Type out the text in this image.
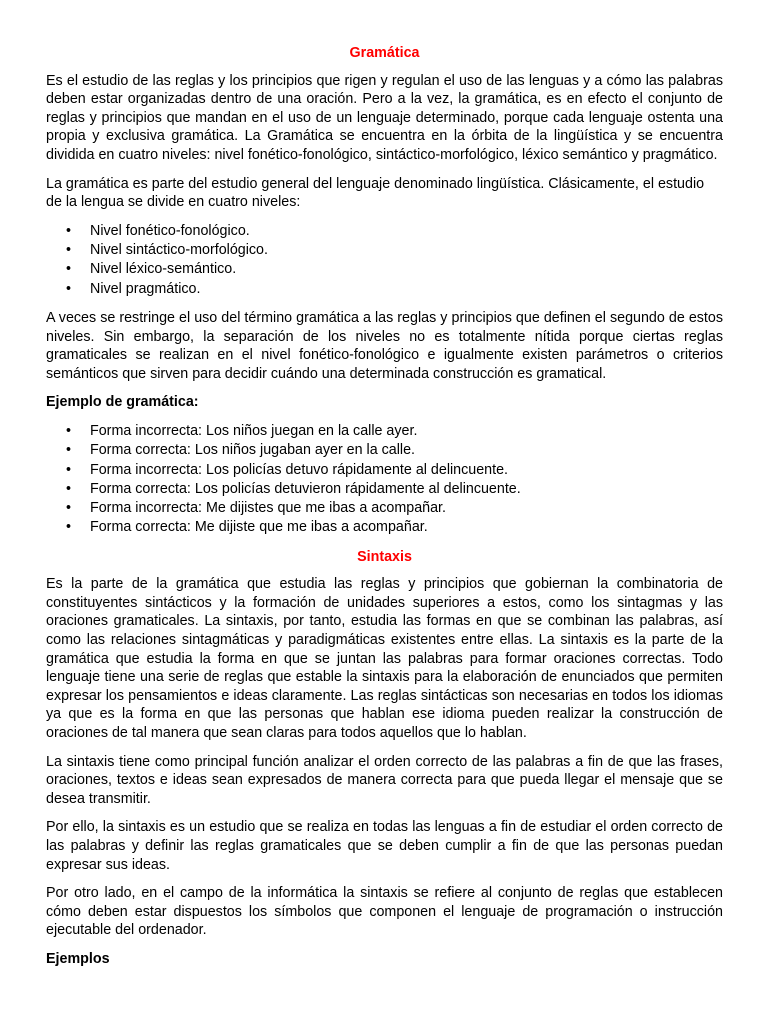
Gramática

Es el estudio de las reglas y los principios que rigen y regulan el uso de las lenguas y a cómo las palabras deben estar organizadas dentro de una oración. Pero a la vez, la gramática, es en efecto el conjunto de reglas y principios que mandan en el uso de un lenguaje determinado, porque cada lenguaje ostenta una propia y exclusiva gramática. La Gramática se encuentra en la órbita de la lingüística y se encuentra dividida en cuatro niveles: nivel fonético-fonológico, sintáctico-morfológico, léxico semántico y pragmático.

La gramática es parte del estudio general del lenguaje denominado lingüística. Clásicamente, el estudio de la lengua se divide en cuatro niveles:

• Nivel fonético-fonológico.
• Nivel sintáctico-morfológico.
• Nivel léxico-semántico.
• Nivel pragmático.

A veces se restringe el uso del término gramática a las reglas y principios que definen el segundo de estos niveles. Sin embargo, la separación de los niveles no es totalmente nítida porque ciertas reglas gramaticales se realizan en el nivel fonético-fonológico e igualmente existen parámetros o criterios semánticos que sirven para decidir cuándo una determinada construcción es gramatical.

Ejemplo de gramática:
• Forma incorrecta: Los niños juegan en la calle ayer.
• Forma correcta: Los niños jugaban ayer en la calle.
• Forma incorrecta: Los policías detuvo rápidamente al delincuente.
• Forma correcta: Los policías detuvieron rápidamente al delincuente.
• Forma incorrecta: Me dijistes que me ibas a acompañar.
• Forma correcta: Me dijiste que me ibas a acompañar.
Sintaxis

Es la parte de la gramática que estudia las reglas y principios que gobiernan la combinatoria de constituyentes sintácticos y la formación de unidades superiores a estos, como los sintagmas y las oraciones gramaticales. La sintaxis, por tanto, estudia las formas en que se combinan las palabras, así como las relaciones sintagmáticas y paradigmáticas existentes entre ellas. La sintaxis es la parte de la gramática que estudia la forma en que se juntan las palabras para formar oraciones correctas. Todo lenguaje tiene una serie de reglas que estable la sintaxis para la elaboración de enunciados que permiten expresar los pensamientos e ideas claramente. Las reglas sintácticas son necesarias en todos los idiomas ya que es la forma en que las personas que hablan ese idioma pueden realizar la construcción de oraciones de tal manera que sean claras para todos aquellos que lo hablan.

La sintaxis tiene como principal función analizar el orden correcto de las palabras a fin de que las frases, oraciones, textos e ideas sean expresados de manera correcta para que pueda llegar el mensaje que se desea transmitir.

Por ello, la sintaxis es un estudio que se realiza en todas las lenguas a fin de estudiar el orden correcto de las palabras y definir las reglas gramaticales que se deben cumplir a fin de que las personas puedan expresar sus ideas.

Por otro lado, en el campo de la informática la sintaxis se refiere al conjunto de reglas que establecen cómo deben estar dispuestos los símbolos que componen el lenguaje de programación o instrucción ejecutable del ordenador.

Ejemplos
